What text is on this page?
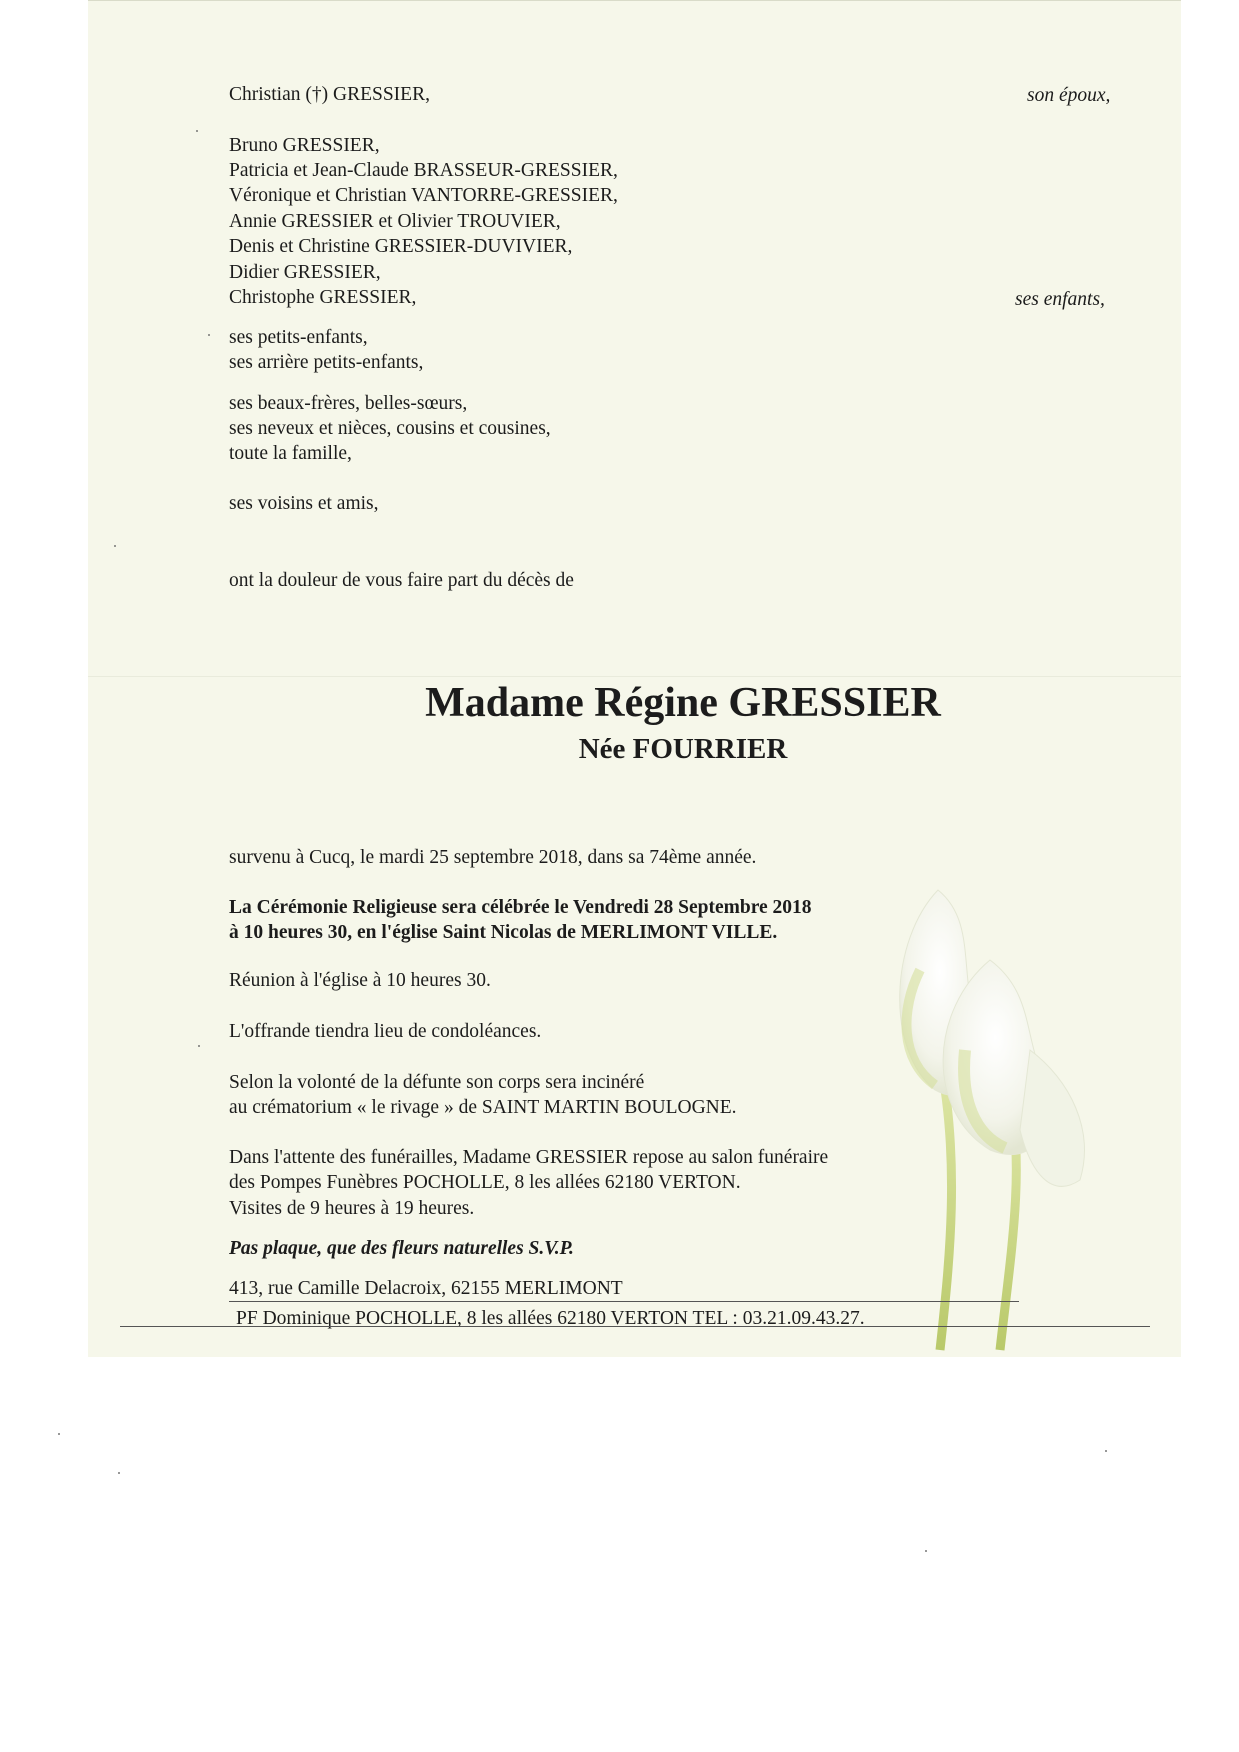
Christian (†) GRESSIER,	son époux,
Bruno GRESSIER,
Patricia et Jean-Claude BRASSEUR-GRESSIER,
Véronique et Christian VANTORRE-GRESSIER,
Annie GRESSIER et Olivier TROUVIER,
Denis et Christine GRESSIER-DUVIVIER,
Didier GRESSIER,
Christophe GRESSIER,	ses enfants,
ses petits-enfants,
ses arrière petits-enfants,
ses beaux-frères, belles-sœurs,
ses neveux et nièces, cousins et cousines,
toute la famille,
ses voisins et amis,
ont la douleur de vous faire part du décès de
Madame Régine GRESSIER
Née FOURRIER
survenu à Cucq, le mardi 25 septembre 2018, dans sa 74ème année.
La Cérémonie Religieuse sera célébrée le Vendredi 28 Septembre 2018
à 10 heures 30, en l'église Saint Nicolas de MERLIMONT VILLE.
Réunion à l'église à 10 heures 30.
L'offrande tiendra lieu de condoléances.
Selon la volonté de la défunte son corps sera incinéré
au crématorium « le rivage » de SAINT MARTIN BOULOGNE.
Dans l'attente des funérailles, Madame GRESSIER repose au salon funéraire
des Pompes Funèbres POCHOLLE, 8 les allées 62180 VERTON.
Visites de 9 heures à 19 heures.
Pas plaque, que des fleurs naturelles S.V.P.
413, rue Camille Delacroix, 62155 MERLIMONT
PF Dominique POCHOLLE, 8 les allées 62180 VERTON TEL : 03.21.09.43.27.
